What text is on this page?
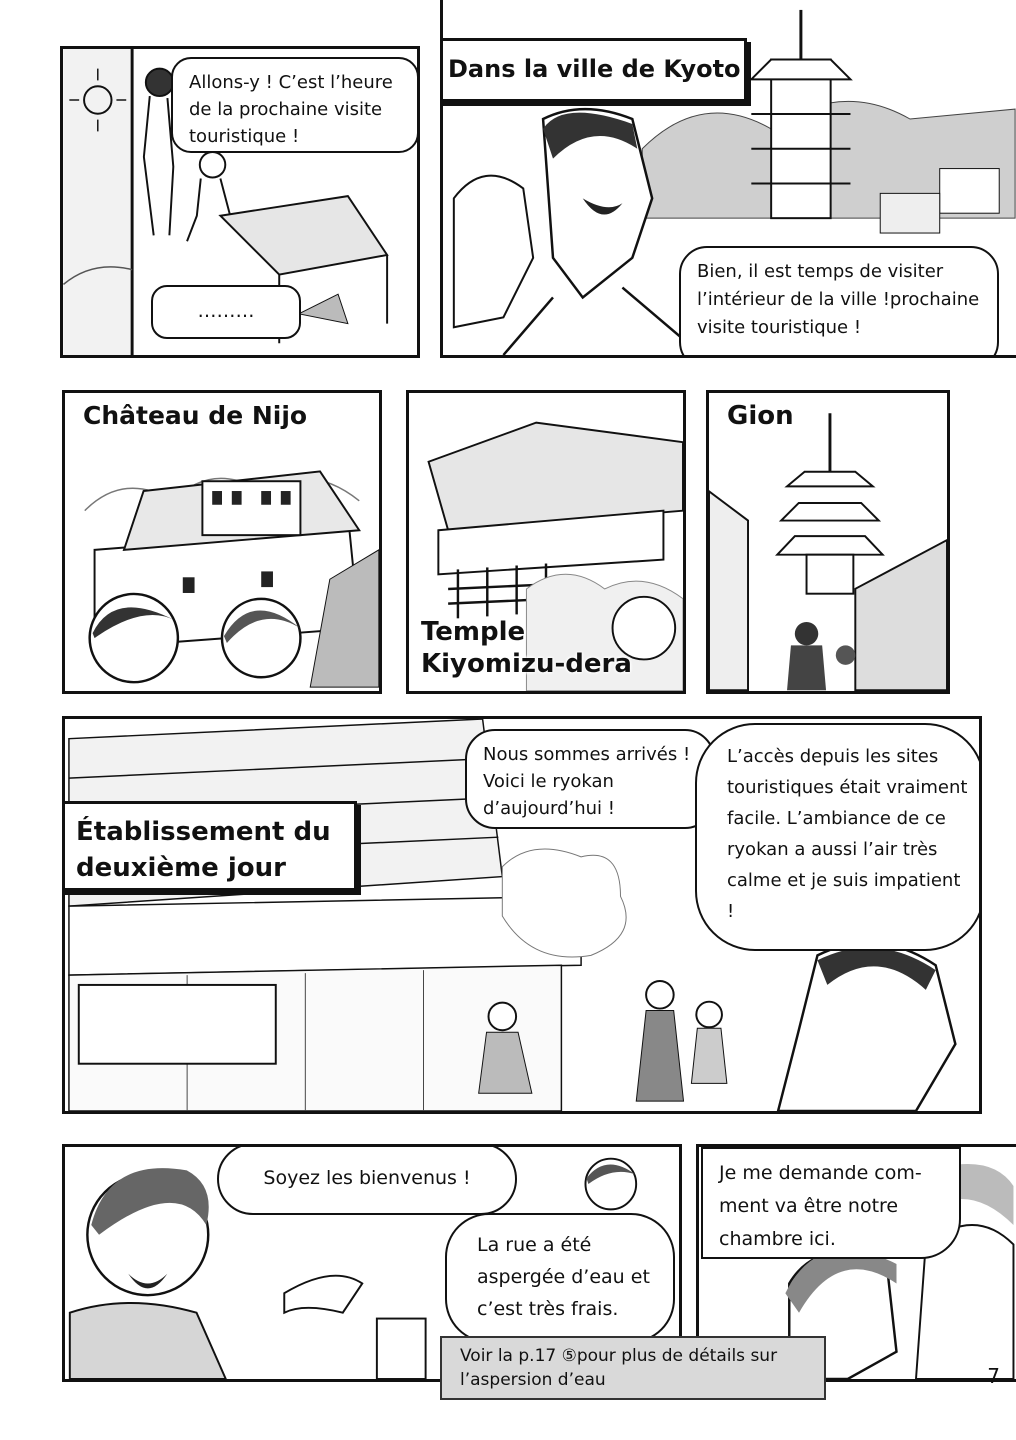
Allons-y ! C’est l’heure de la prochaine visite touristique !
………
Dans la ville de Kyoto
Bien, il est temps de visiter l’intérieur de la ville !prochaine visite touristique !
Château de Nijo
Temple
Kiyomizu-dera
Gion
Établissement du
deuxième jour
Nous sommes arrivés ! Voici le ryokan d’aujourd’hui !
L’accès depuis les sites touristiques était vraiment facile. L’ambiance de ce ryokan a aussi l’air très calme et je suis impatient !
Soyez les bienvenus !
La rue a été aspergée d’eau et c’est très frais.
Je me demande com-ment va être notre chambre ici.
Voir la p.17 ⑤pour plus de détails sur l’aspersion d’eau	7
